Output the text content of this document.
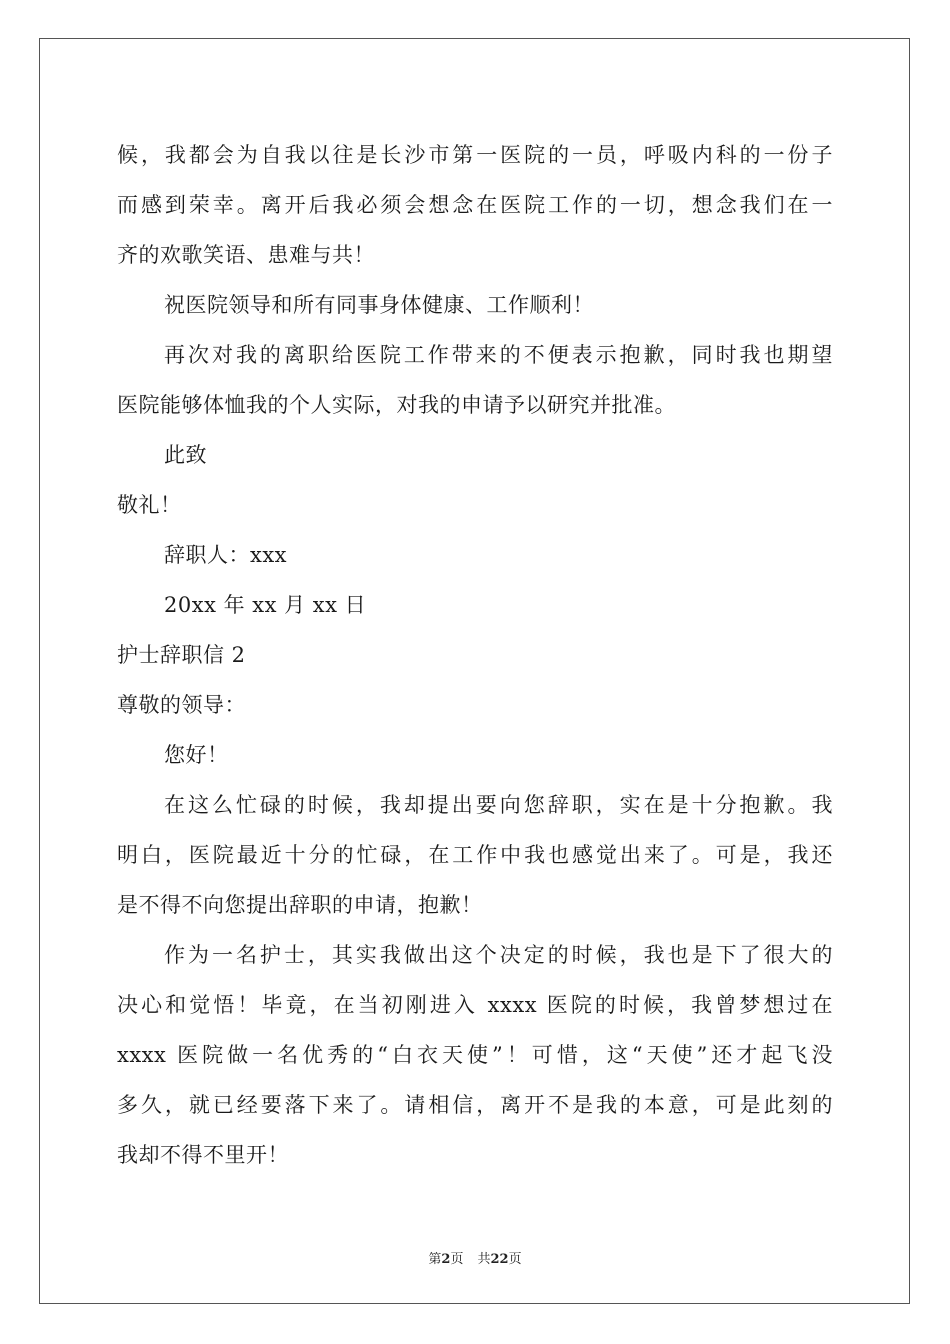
候，我都会为自我以往是长沙市第一医院的一员，呼吸内科的一份子
而感到荣幸。离开后我必须会想念在医院工作的一切，想念我们在一
齐的欢歌笑语、患难与共！
祝医院领导和所有同事身体健康、工作顺利！
再次对我的离职给医院工作带来的不便表示抱歉，同时我也期望
医院能够体恤我的个人实际，对我的申请予以研究并批准。
此致
敬礼！
辞职人：xxx
20xx 年 xx 月 xx 日
护士辞职信 2
尊敬的领导：
您好！
在这么忙碌的时候，我却提出要向您辞职，实在是十分抱歉。我
明白，医院最近十分的忙碌，在工作中我也感觉出来了。可是，我还
是不得不向您提出辞职的申请，抱歉！
作为一名护士，其实我做出这个决定的时候，我也是下了很大的
决心和觉悟！毕竟，在当初刚进入 xxxx 医院的时候，我曾梦想过在
xxxx 医院做一名优秀的“白衣天使”！可惜，这“天使”还才起飞没
多久，就已经要落下来了。请相信，离开不是我的本意，可是此刻的
我却不得不里开！
第2页 共22页
